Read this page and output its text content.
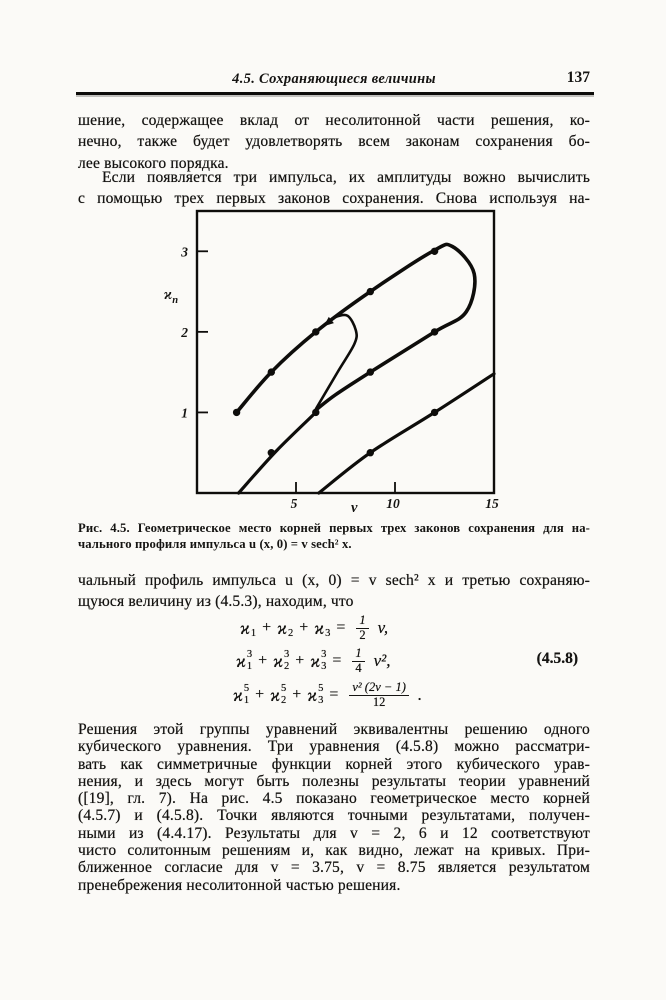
4.5. Сохраняющиеся величины	137
шение, содержащее вклад от несолитонной части решения, ко-
нечно, также будет удовлетворять всем законам сохранения бо-
лее высокого порядка.
Если появляется три импульса, их амплитуды вожно вычислить
с помощью трех первых законов сохранения. Снова используя на-
5	10	15
1
2
3
$ϰ_n$
v
Рис. 4.5. Геометрическое место корней первых трех законов сохранения для на-
чального профиля импульса u (x, 0) = v sech² x.
чальный профиль импульса u (x, 0) = v sech² x и третью сохраняю-
щуюся величину из (4.5.3), находим, что
ϰ 1 + ϰ 2 + ϰ $3 = \frac{1}{2} v$,
ϰ 3
1 + ϰ 3
2 + ϰ 3
$3 = \frac{1}{4} v^2$,
ϰ 5
1 + ϰ 5
2 + ϰ 5
$3 = \frac{\text{v² (2v − 1)}}{12}$ .
(4.5.8)
Решения этой группы уравнений эквивалентны решению одного
кубического уравнения. Три уравнения (4.5.8) можно рассматри-
вать как симметричные функции корней этого кубического урав-
нения, и здесь могут быть полезны результаты теории уравнений
([19], гл. 7). На рис. 4.5 показано геометрическое место корней
(4.5.7) и (4.5.8). Точки являются точными результатами, получен-
ными из (4.4.17). Результаты для v = 2, 6 и 12 соответствуют
чисто солитонным решениям и, как видно, лежат на кривых. При-
ближенное согласие для v = 3.75, v = 8.75 является результатом
пренебрежения несолитонной частью решения.
